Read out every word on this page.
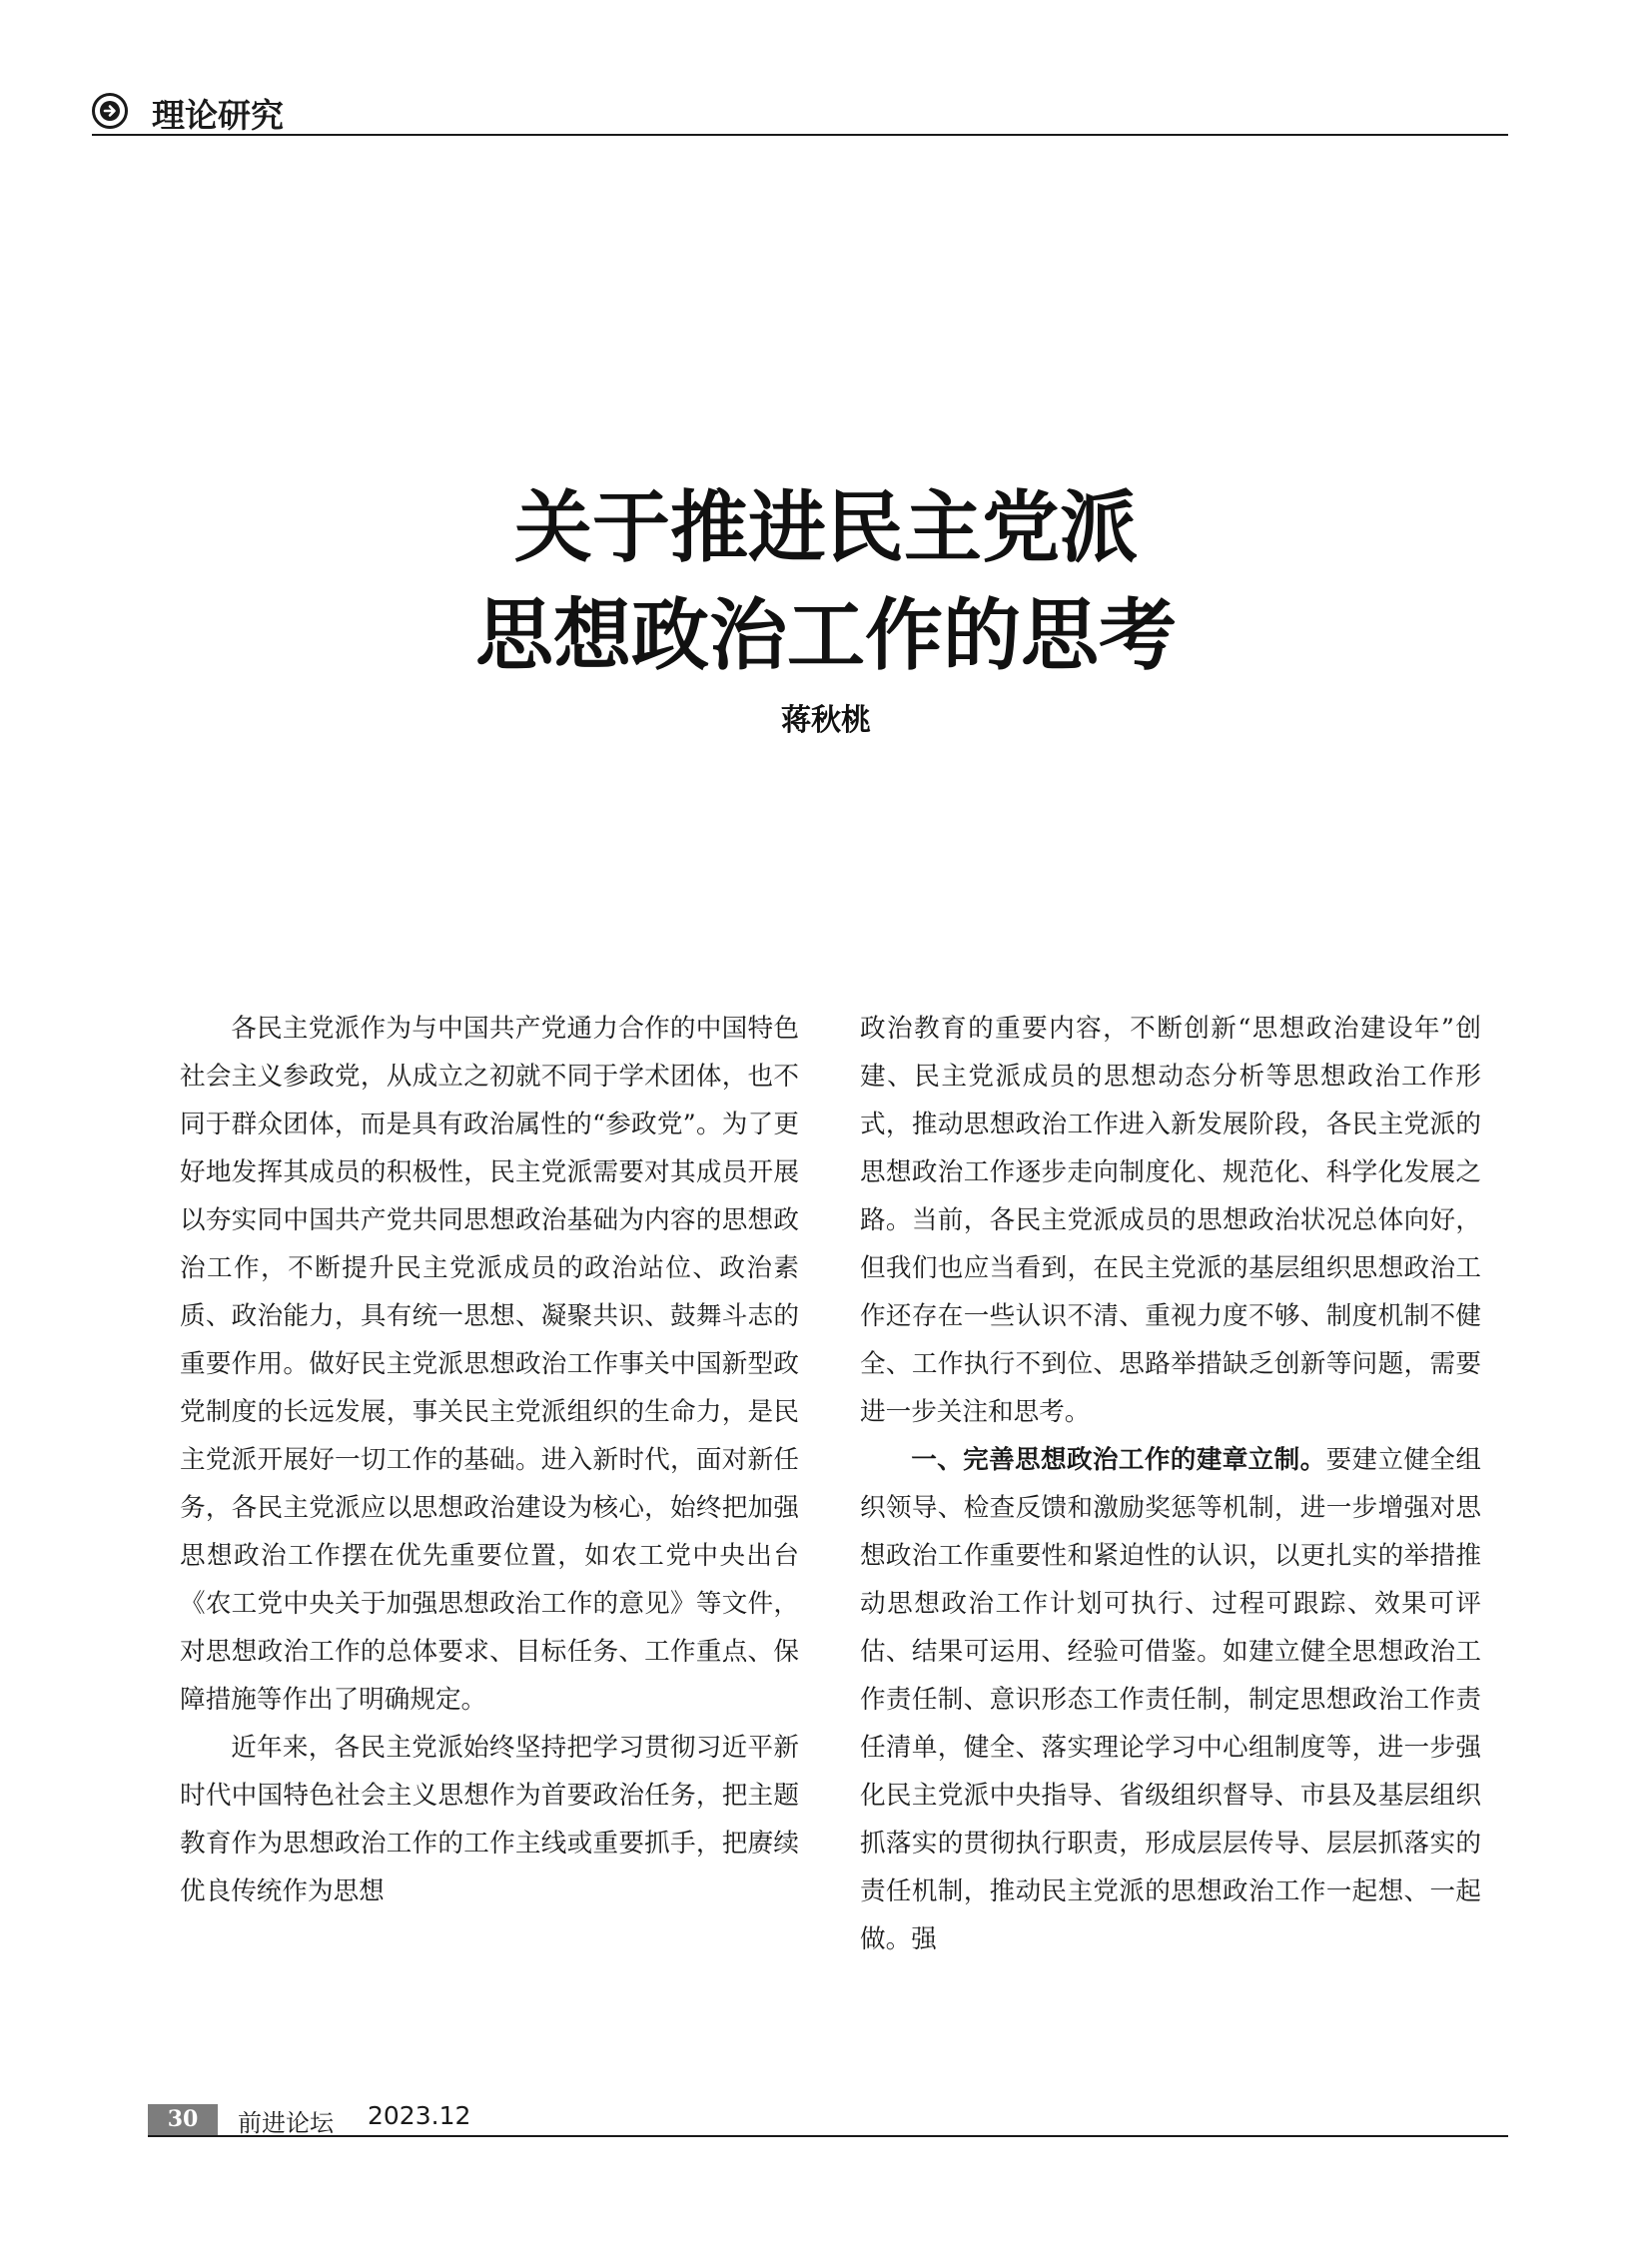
理论研究
关于推进民主党派
思想政治工作的思考
蒋秋桃

各民主党派作为与中国共产党通力合作的中国特色社会主义参政党，从成立之初就不同于学术团体，也不同于群众团体，而是具有政治属性的“参政党”。为了更好地发挥其成员的积极性，民主党派需要对其成员开展以夯实同中国共产党共同思想政治基础为内容的思想政治工作，不断提升民主党派成员的政治站位、政治素质、政治能力，具有统一思想、凝聚共识、鼓舞斗志的重要作用。做好民主党派思想政治工作事关中国新型政党制度的长远发展，事关民主党派组织的生命力，是民主党派开展好一切工作的基础。进入新时代，面对新任务，各民主党派应以思想政治建设为核心，始终把加强思想政治工作摆在优先重要位置，如农工党中央出台《农工党中央关于加强思想政治工作的意见》等文件，对思想政治工作的总体要求、目标任务、工作重点、保障措施等作出了明确规定。

近年来，各民主党派始终坚持把学习贯彻习近平新时代中国特色社会主义思想作为首要政治任务，把主题教育作为思想政治工作的工作主线或重要抓手，把赓续优良传统作为思想

政治教育的重要内容，不断创新“思想政治建设年”创建、民主党派成员的思想动态分析等思想政治工作形式，推动思想政治工作进入新发展阶段，各民主党派的思想政治工作逐步走向制度化、规范化、科学化发展之路。当前，各民主党派成员的思想政治状况总体向好，但我们也应当看到，在民主党派的基层组织思想政治工作还存在一些认识不清、重视力度不够、制度机制不健全、工作执行不到位、思路举措缺乏创新等问题，需要进一步关注和思考。

一、完善思想政治工作的建章立制。要建立健全组织领导、检查反馈和激励奖惩等机制，进一步增强对思想政治工作重要性和紧迫性的认识，以更扎实的举措推动思想政治工作计划可执行、过程可跟踪、效果可评估、结果可运用、经验可借鉴。如建立健全思想政治工作责任制、意识形态工作责任制，制定思想政治工作责任清单，健全、落实理论学习中心组制度等，进一步强化民主党派中央指导、省级组织督导、市县及基层组织抓落实的贯彻执行职责，形成层层传导、层层抓落实的责任机制，推动民主党派的思想政治工作一起想、一起做。强

30	前进论坛 2023.12
